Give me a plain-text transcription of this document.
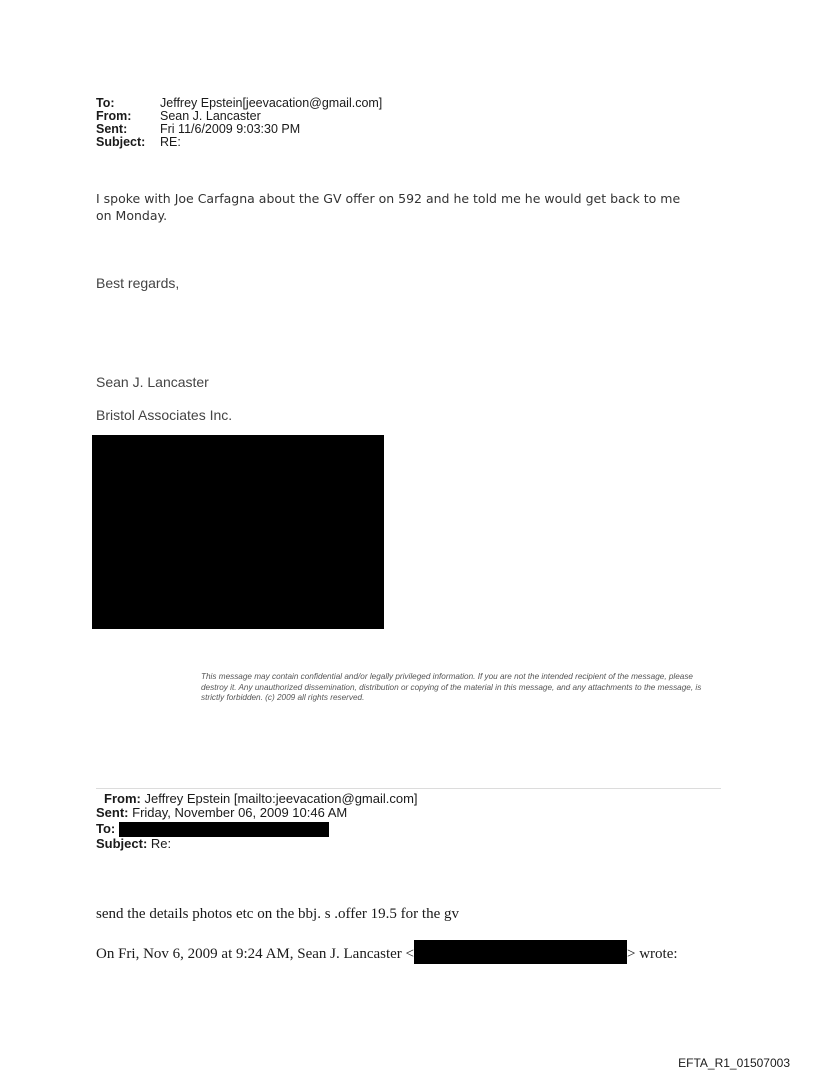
To:	Jeffrey Epstein[jeevacation@gmail.com]
From: Sean J. Lancaster
Sent:	Fri 11/6/2009 9:03:30 PM
Subject: RE:
I spoke with Joe Carfagna about the GV offer on 592 and he told me he would get back to me on Monday.
Best regards,
Sean J. Lancaster
Bristol Associates Inc.
This message may contain confidential and/or legally privileged information. If you are not the intended recipient of the message, please destroy it. Any unauthorized dissemination, distribution or copying of the material in this message, and any attachments to the message, is strictly forbidden. (c) 2009 all rights reserved.
From: Jeffrey Epstein [mailto:jeevacation@gmail.com]
Sent: Friday, November 06, 2009 10:46 AM
To:
Subject: Re:
send the details photos etc on the bbj. s .offer 19.5 for the gv
On Fri, Nov 6, 2009 at 9:24 AM, Sean J. Lancaster <	> wrote:
EFTA_R1_01507003
